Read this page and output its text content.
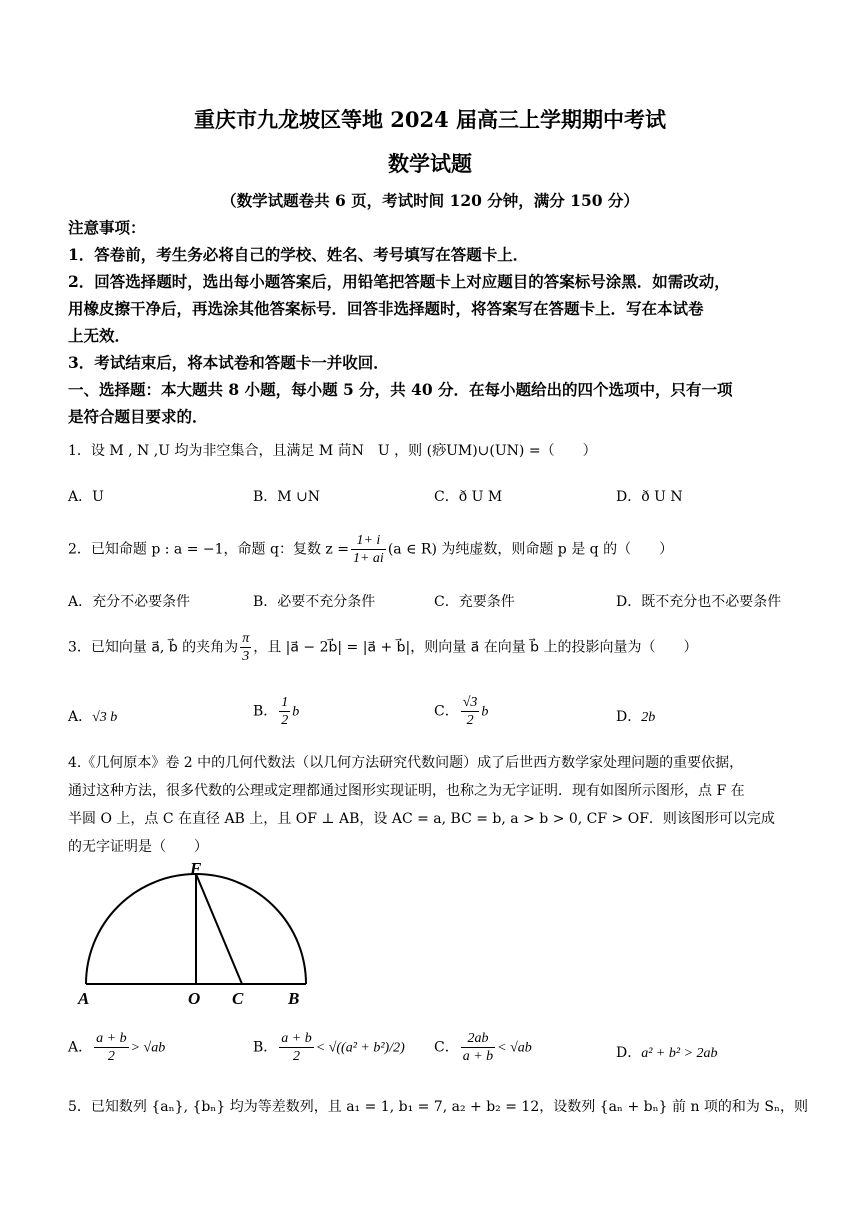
重庆市九龙坡区等地 2024 届高三上学期期中考试
数学试题
（数学试题卷共 6 页，考试时间 120 分钟，满分 150 分）
注意事项：
1．答卷前，考生务必将自己的学校、姓名、考号填写在答题卡上．
2．回答选择题时，选出每小题答案后，用铅笔把答题卡上对应题目的答案标号涂黑．如需改动，
用橡皮擦干净后，再选涂其他答案标号．回答非选择题时，将答案写在答题卡上．写在本试卷
上无效．
3．考试结束后，将本试卷和答题卡一并收回．
一、选择题：本大题共 8 小题，每小题 5 分，共 40 分．在每小题给出的四个选项中，只有一项
是符合题目要求的．
1．设 M , N ,U 均为非空集合，且满足 M 苘N　U ，则 (痧UM)∪(UN) =（　　）
A．U	B．M ∪N	C．ð U M	D．ð U N
2．已知命题 p : a = −1，命题 q：复数 $z = \frac{1+ i}{1+ ai} (a$ ∈ R) 为纯虚数，则命题 p 是 q 的（　　）
A．充分不必要条件	B．必要不充分条件	C．充要条件	D．既不充分也不必要条件
3．已知向量 a⃗, b⃗ 的夹角为 $\frac{\pi}{3}$ ，且 |a⃗ − 2b⃗| = |a⃗ + b⃗|，则向量 a⃗ 在向量 b⃗ 上的投影向量为（　　）
A．√3 b⃗	B． $\frac{1}{2}$ b⃗	C． $\frac{√3}{2}$ b⃗	D．2b⃗
4.《几何原本》卷 2 中的几何代数法（以几何方法研究代数问题）成了后世西方数学家处理问题的重要依据，
通过这种方法，很多代数的公理或定理都通过图形实现证明，也称之为无字证明．现有如图所示图形，点 F 在
半圆 O 上，点 C 在直径 AB 上，且 OF ⊥ AB，设 AC = a, BC = b, a > b > 0, CF > OF．则该图形可以完成
的无字证明是（　　）
F
A	O C	B
A． $\frac{a + b}{2} > √ab$	B． $\frac{a + b}{2} < √((a^2 + b^2)/2)$ C． $\frac{2ab}{a + b} < √ab$	D．a² + b² > 2ab
5．已知数列 {aₙ}, {bₙ} 均为等差数列，且 a₁ = 1, b₁ = 7, a₂ + b₂ = 12，设数列 {aₙ + bₙ} 前 n 项的和为 Sₙ，则
